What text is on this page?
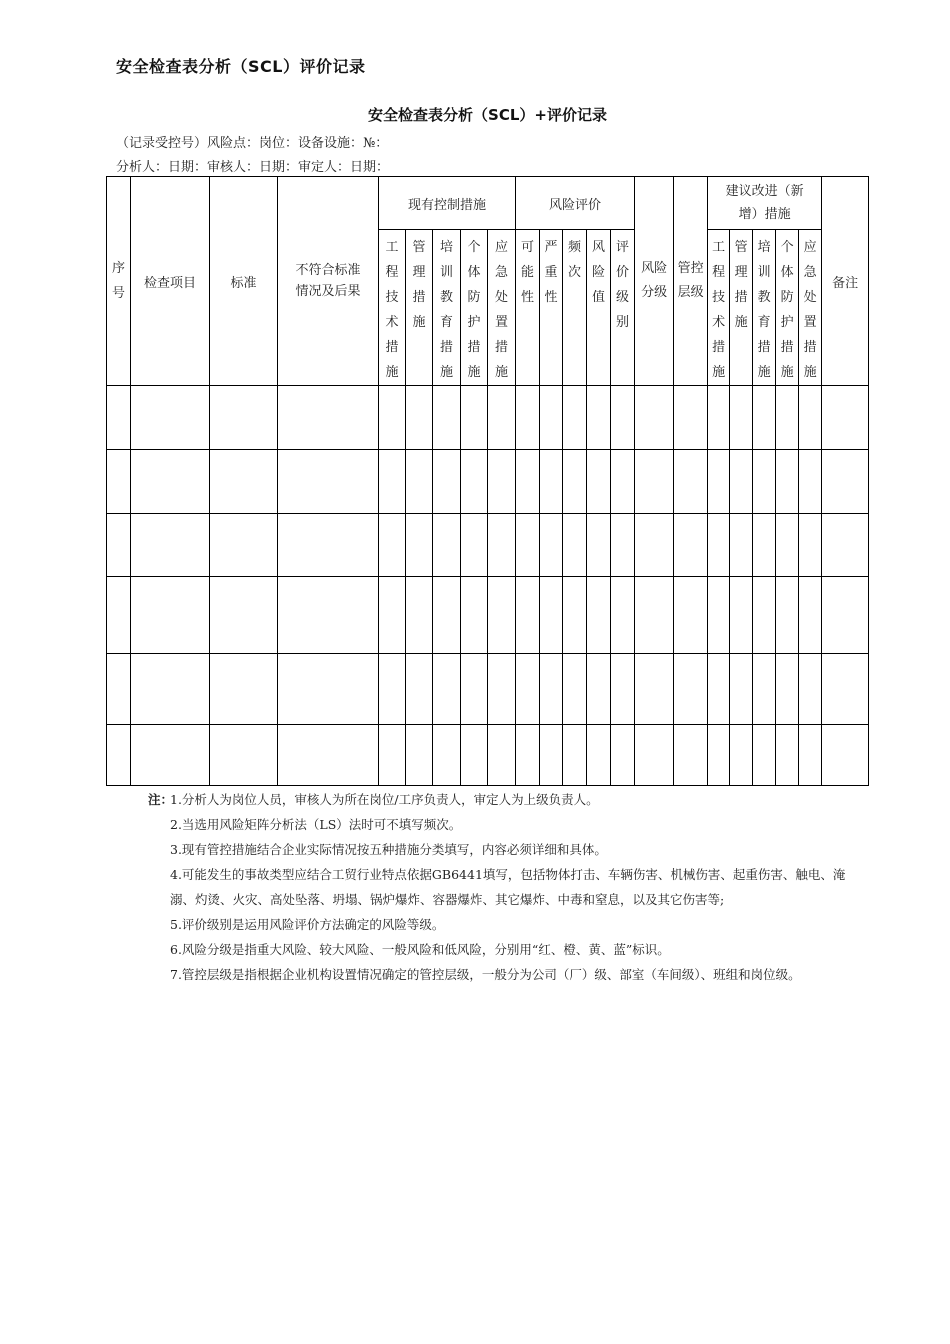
安全检查表分析（SCL）评价记录
安全检查表分析（SCL）+评价记录
（记录受控号）风险点：岗位：设备设施：№：
分析人：日期：审核人：日期：审定人：日期：
序号	检查项目	标准	不符合标准情况及后果	现有控制措施					风险评价					风险分级	管控层级	建议改进（新增）措施					备注

				工程技术措施	管理措施	培训教育措施	个体防护措施	应急处置措施	可能性	严重性	频次	风险值	评价级别			工程技术措施	管理措施	培训教育措施	个体防护措施	应急处置措施	

注：
1.分析人为岗位人员，审核人为所在岗位/工序负责人，审定人为上级负责人。
2.当选用风险矩阵分析法（LS）法时可不填写频次。
3.现有管控措施结合企业实际情况按五种措施分类填写，内容必须详细和具体。
4.可能发生的事故类型应结合工贸行业特点依据GB6441填写，包括物体打击、车辆伤害、机械伤害、起重伤害、触电、淹溺、灼烫、火灾、高处坠落、坍塌、锅炉爆炸、容器爆炸、其它爆炸、中毒和窒息，以及其它伤害等;
5.评价级别是运用风险评价方法确定的风险等级。
6.风险分级是指重大风险、较大风险、一般风险和低风险，分别用“红、橙、黄、蓝”标识。
7.管控层级是指根据企业机构设置情况确定的管控层级，一般分为公司（厂）级、部室（车间级）、班组和岗位级。
